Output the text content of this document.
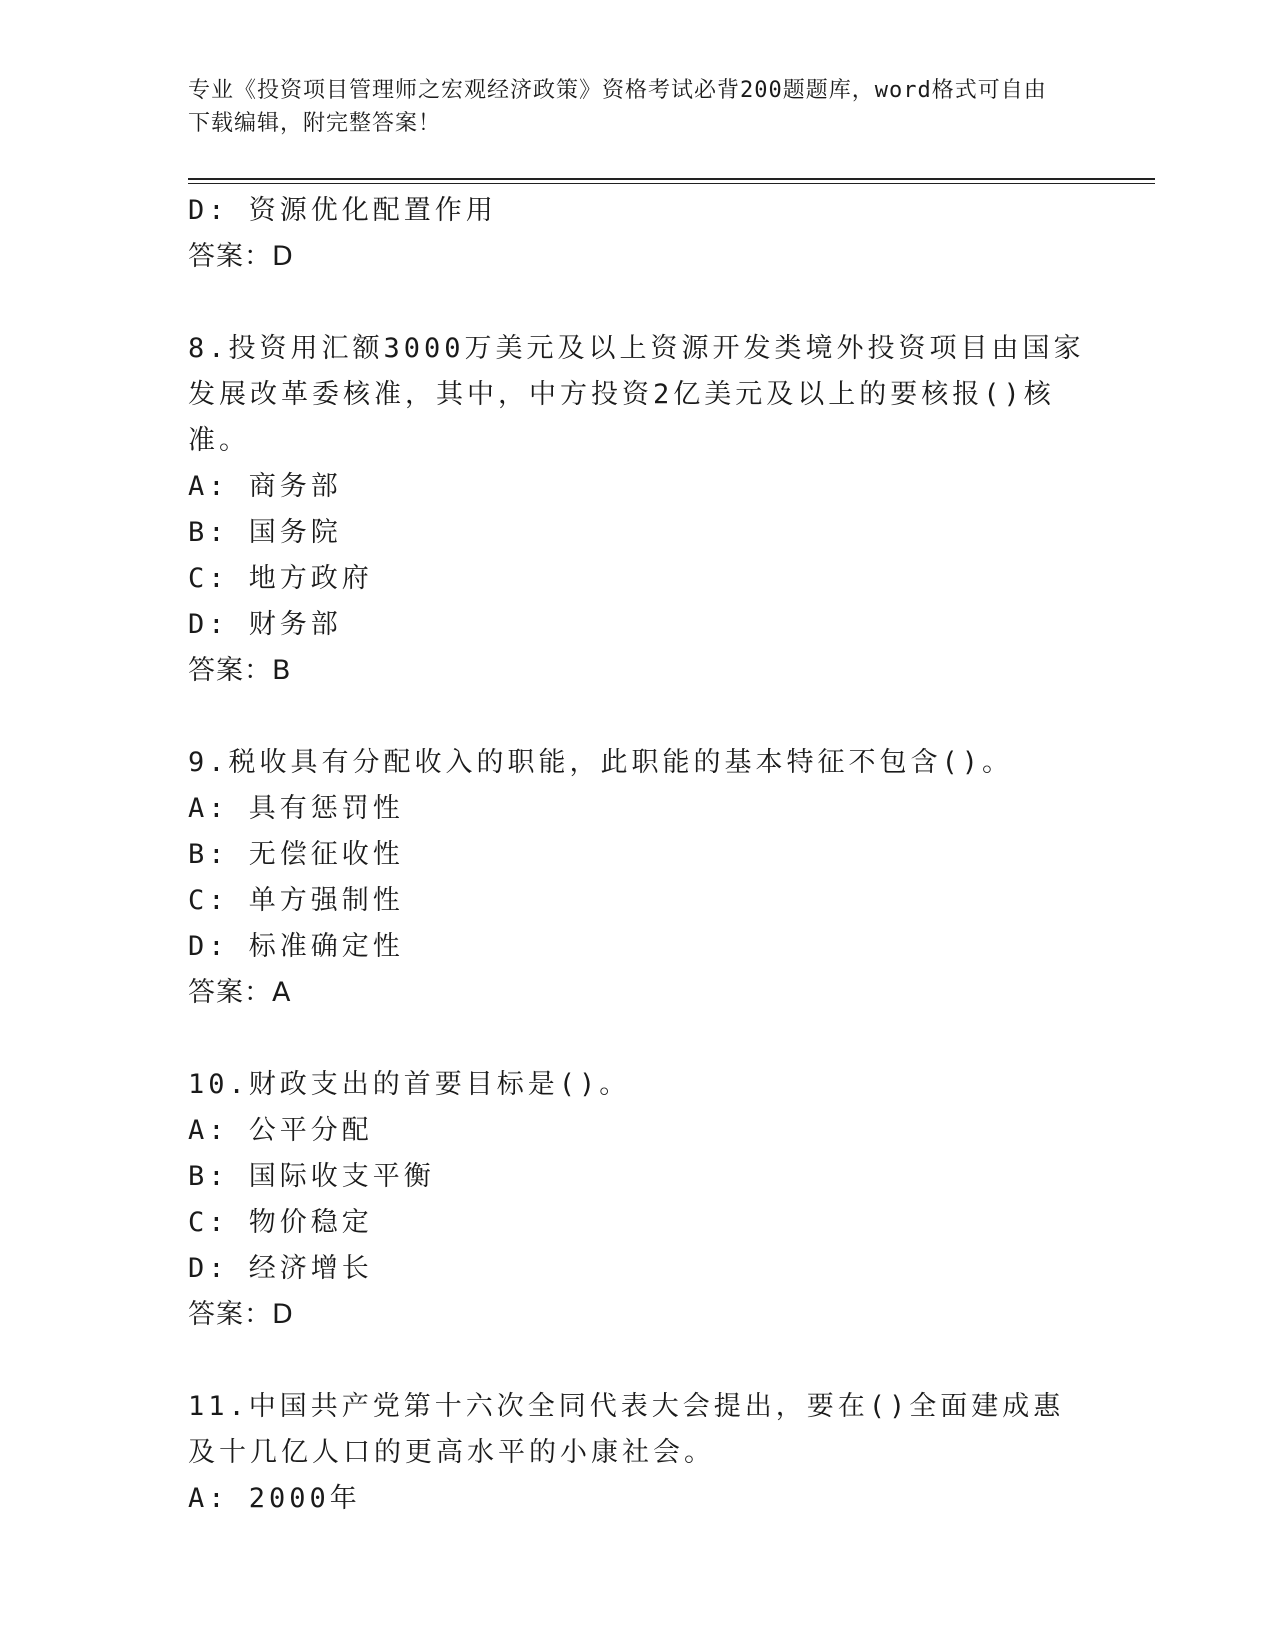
专业《投资项目管理师之宏观经济政策》资格考试必背200题题库，word格式可自由下载编辑，附完整答案！
D: 资源优化配置作用
答案：D
8.投资用汇额3000万美元及以上资源开发类境外投资项目由国家发展改革委核准，其中，中方投资2亿美元及以上的要核报()核准。
A: 商务部
B: 国务院
C: 地方政府
D: 财务部
答案：B
9.税收具有分配收入的职能，此职能的基本特征不包含()。
A: 具有惩罚性
B: 无偿征收性
C: 单方强制性
D: 标准确定性
答案：A
10.财政支出的首要目标是()。
A: 公平分配
B: 国际收支平衡
C: 物价稳定
D: 经济增长
答案：D
11.中国共产党第十六次全同代表大会提出，要在()全面建成惠及十几亿人口的更高水平的小康社会。
A: 2000年
